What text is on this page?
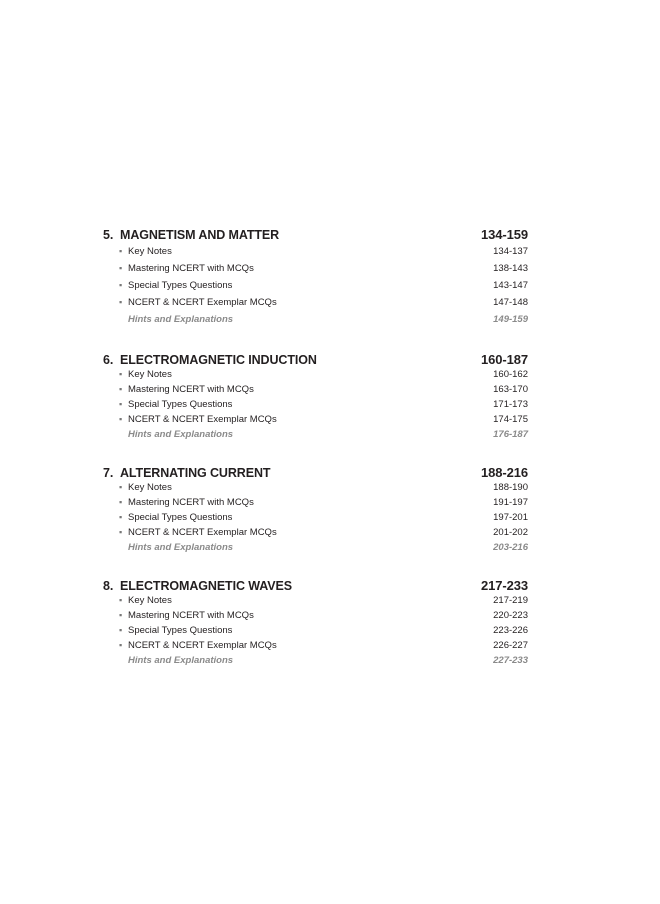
5. MAGNETISM AND MATTER	134-159
▪ Key Notes	134-137
▪ Mastering NCERT with MCQs	138-143
▪ Special Types Questions	143-147
▪ NCERT & NCERT Exemplar MCQs	147-148
Hints and Explanations	149-159
6. ELECTROMAGNETIC INDUCTION	160-187
▪ Key Notes	160-162
▪ Mastering NCERT with MCQs	163-170
▪ Special Types Questions	171-173
▪ NCERT & NCERT Exemplar MCQs	174-175
Hints and Explanations	176-187
7. ALTERNATING CURRENT	188-216
▪ Key Notes	188-190
▪ Mastering NCERT with MCQs	191-197
▪ Special Types Questions	197-201
▪ NCERT & NCERT Exemplar MCQs	201-202
Hints and Explanations	203-216
8. ELECTROMAGNETIC WAVES	217-233
▪ Key Notes	217-219
▪ Mastering NCERT with MCQs	220-223
▪ Special Types Questions	223-226
▪ NCERT & NCERT Exemplar MCQs	226-227
Hints and Explanations	227-233
